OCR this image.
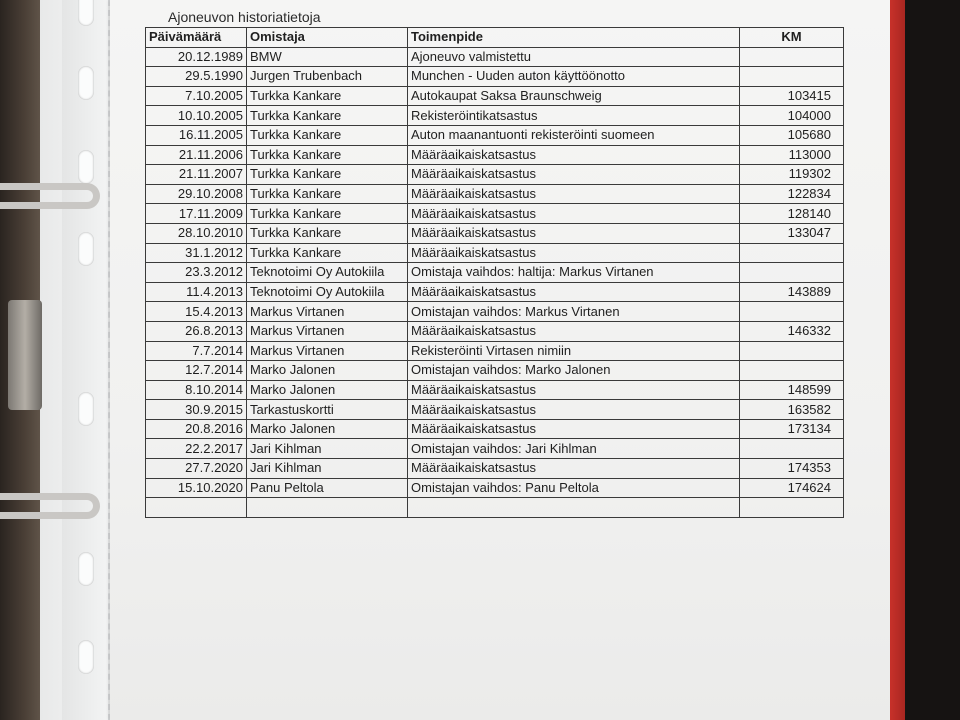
Ajoneuvon historiatietoja
Päivämäärä	Omistaja	Toimenpide	KM
20.12.1989	BMW	Ajoneuvo valmistettu	
29.5.1990	Jurgen Trubenbach	Munchen - Uuden auton käyttöönotto	
7.10.2005	Turkka Kankare	Autokaupat Saksa Braunschweig	103415
10.10.2005	Turkka Kankare	Rekisteröintikatsastus	104000
16.11.2005	Turkka Kankare	Auton maanantuonti rekisteröinti suomeen	105680
21.11.2006	Turkka Kankare	Määräaikaiskatsastus	113000
21.11.2007	Turkka Kankare	Määräaikaiskatsastus	119302
29.10.2008	Turkka Kankare	Määräaikaiskatsastus	122834
17.11.2009	Turkka Kankare	Määräaikaiskatsastus	128140
28.10.2010	Turkka Kankare	Määräaikaiskatsastus	133047
31.1.2012	Turkka Kankare	Määräaikaiskatsastus	
23.3.2012	Teknotoimi Oy Autokiila	Omistaja vaihdos: haltija: Markus Virtanen	
11.4.2013	Teknotoimi Oy Autokiila	Määräaikaiskatsastus	143889
15.4.2013	Markus Virtanen	Omistajan vaihdos: Markus Virtanen	
26.8.2013	Markus Virtanen	Määräaikaiskatsastus	146332
7.7.2014	Markus Virtanen	Rekisteröinti Virtasen nimiin	
12.7.2014	Marko Jalonen	Omistajan vaihdos: Marko Jalonen	
8.10.2014	Marko Jalonen	Määräaikaiskatsastus	148599
30.9.2015	Tarkastuskortti	Määräaikaiskatsastus	163582
20.8.2016	Marko Jalonen	Määräaikaiskatsastus	173134
22.2.2017	Jari Kihlman	Omistajan vaihdos: Jari Kihlman	
27.7.2020	Jari Kihlman	Määräaikaiskatsastus	174353
15.10.2020	Panu Peltola	Omistajan vaihdos: Panu Peltola	174624
